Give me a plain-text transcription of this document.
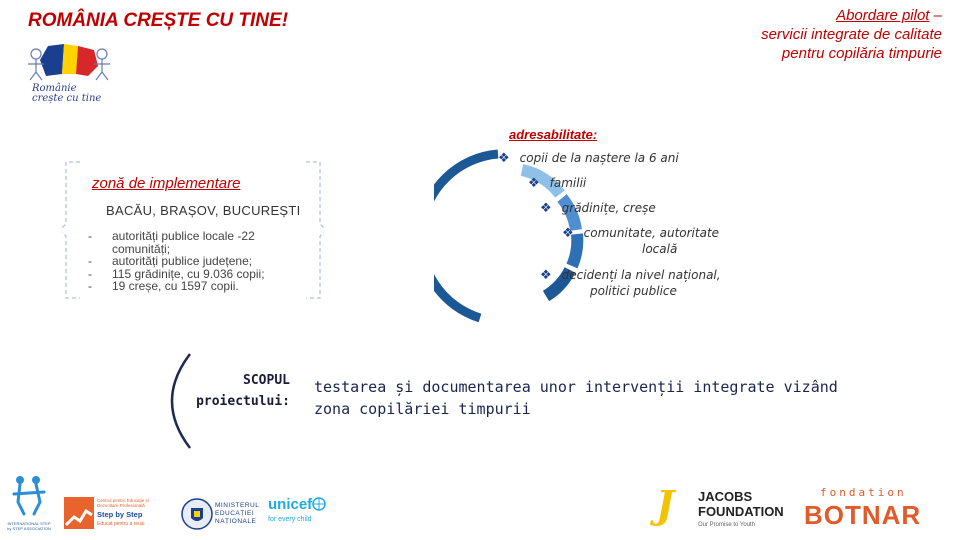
ROMÂNIA CREȘTE CU TINE!	Abordare pilot –
servicii integrate de calitate
pentru copilăria timpurie
Românie
crește cu tine
zonă de implementare
BACĂU, BRAȘOV, BUCUREȘTI
-	autorități publice locale -22
comunități;
-	autorități publice județene;
-	115 grădinițe, cu 9.036 copii;
-	19 creșe, cu 1597 copii.
adresabilitate:
❖ copii de la naștere la 6 ani
❖ familii
❖ grădinițe, creșe
❖ comunitate, autoritate
locală
❖ decidenți la nivel național,
politici publice
SCOPUL
proiectului:
testarea și documentarea unor intervenții integrate vizând
zona copilăriei timpurii
INTERNATIONAL STEP by STEP ASSOCIATION
Centrul pentru Educație și
Dezvoltare Profesională
Step by Step
Educat pentru a reuși
MINISTERUL
EDUCAȚIEI
NAȚIONALE
unicef
for every child	J JACOBS
FOUNDATION
Our Promise to Youth
fondation
BOTNAR
